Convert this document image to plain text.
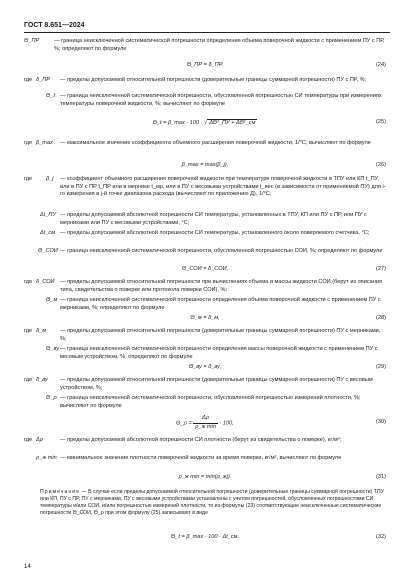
ГОСТ 8.651—2024
Θ_ПР	— граница неисключенной систематической погрешности определения объема поверочной жидкости с применением ПУ с ПР, %; определяют по формуле
Θ_ПР = δ_ПР.	(24)
где δ_ПР	— пределы допускаемой относительной погрешности (доверительные границы суммарной погрешности) ПУ с ПР, %;
Θ_t — граница неисключенной систематической погрешности, обусловленной погрешностью СИ температуры при измерениях температуры поверочной жидкости, %; вычисляют по формуле
Θ_t = β_max · 100 · √ ΔΘ²_ПУ + ΔΘ²_см	(25)
где β_max	— максимальное значение коэффициента объемного расширения поверочной жидкости, 1/°С; вычисляют по формуле
β_max = max(β_j),	(26)
где	β_j	— коэффициент объемного расширения поверочной жидкости при температуре поверочной жидкости в ТПУ или КП t_ПУ, или в ПУ с ПР t_ПР или в мернике t_мр, или в ПУ с весовыми устройствами t_вес (в зависимости от применяемой ПУ) для i-го измерения в j-й точке диапазона расхода (вычисляют по приложению Д), 1/°С;
Δt_ПУ — пределы допускаемой абсолютной погрешности СИ температуры, установленных в ТПУ, КП или ПУ с ПР, или ПУ с мерниками или ПУ с весовыми устройствами, °С;
Δt_см — пределы допускаемой абсолютной погрешности СИ температуры, установленного около поверяемого счетчика, °С;
Θ_СОИ — граница неисключенной систематической погрешности, обусловленной погрешностью СОИ, %; определяют по формуле
Θ_СОИ = δ_СОИ,	(27)
где δ_СОИ — пределы допускаемой относительной погрешности при вычислениях объема и массы жидкости СОИ (берут из описания типа, свидетельства о поверке или протокола поверки СОИ), %;
Θ_м — граница неисключенной систематической погрешности определения объема поверочной жидкости с применением ПУ с мерниками, %; определяют по формуле
Θ_м = δ_м,	(28)
где δ_м	— пределы допускаемой относительной погрешности (доверительные границы суммарной погрешности) ПУ с мерниками, %;
Θ_ву — граница неисключенной систематической погрешности определения массы поверочной жидкости с применением ПУ с весовым устройством, %; определяют по формуле
Θ_ву = δ_ву,	(29)
где δ_ву	— пределы допускаемой относительной погрешности (доверительные границы суммарной погрешности) ПУ с весовым устройством, %;
Θ_ρ — граница неисключенной систематической погрешности, обусловленной погрешностью измерений плотности, %; вычисляют по формуле
Θ_ρ = $\frac{\Delta\rho}{\text{ρ\_ж min}} \cdot 100$,	(30)
где Δρ	— пределы допускаемой абсолютной погрешности СИ плотности (берут из свидетельства о поверке), кг/м³;
ρ_ж min — минимальное значение плотности поверочной жидкости за время поверки, кг/м³, вычисляют по формуле
ρ_ж min = min(ρ_жj).	(31)
Примечание — В случае если пределы допускаемой относительной погрешности (доверительные границы суммарной погрешности) ТПУ или КП, ПУ с ПР, ПУ с мерниками, ПУ с весовыми устройствами установлены с учетом погрешностей, обусловленных погрешностями СИ температуры и/или СОИ, и/или погрешностью измерений плотности, то из формулы (23) соответствующие неисключенные систематические погрешности Θ_СОИ, Θ_ρ при этом формулу (25) записывают в виде
Θ_t = β_max · 100 · Δt_см.	(32)
14
